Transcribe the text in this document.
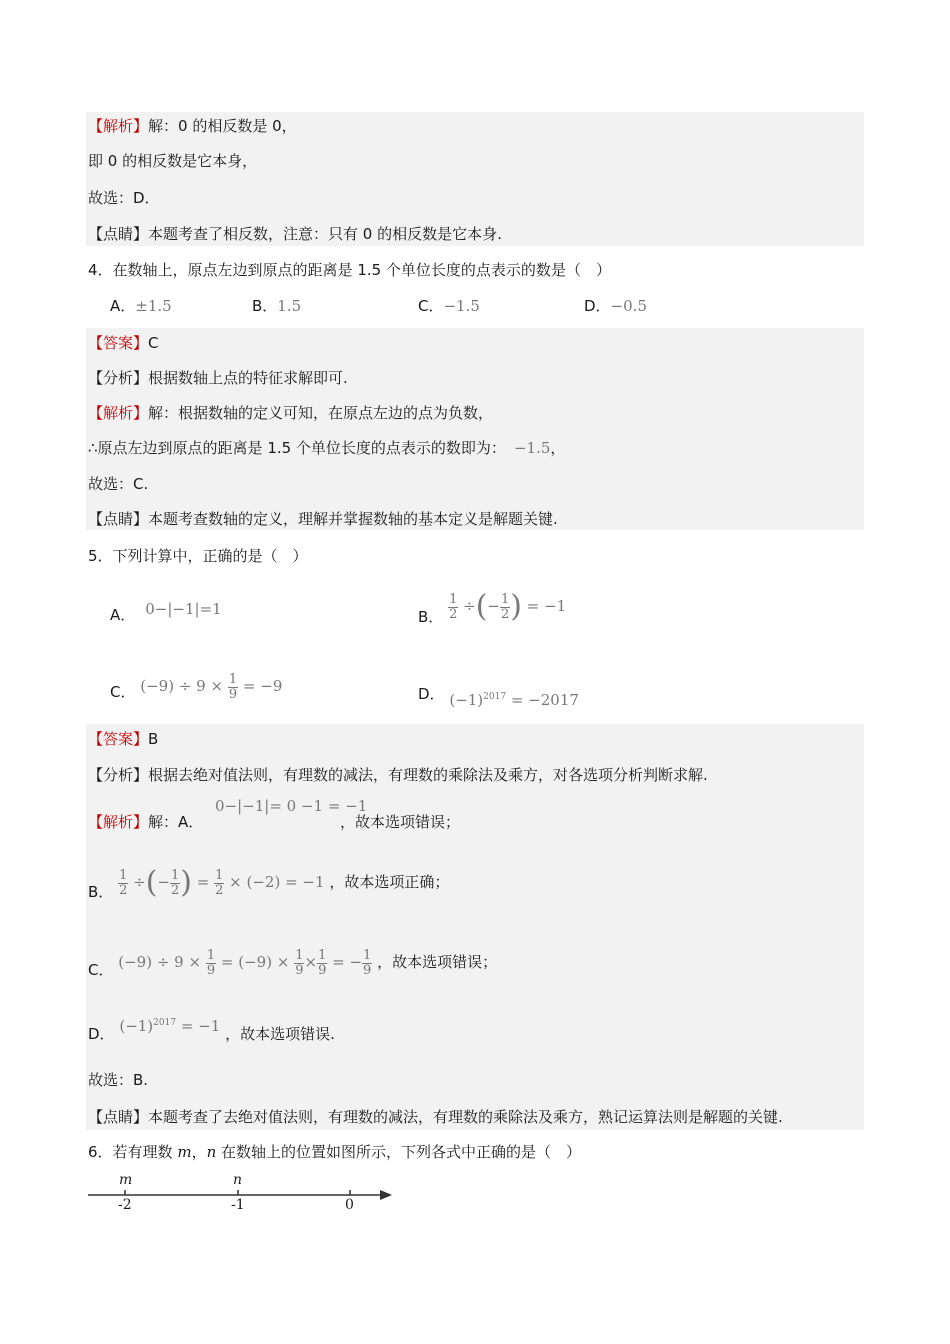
【解析】解：0 的相反数是 0，
即 0 的相反数是它本身，
故选：D．
【点睛】本题考查了相反数，注意：只有 0 的相反数是它本身.
4．在数轴上，原点左边到原点的距离是 1.5 个单位长度的点表示的数是（　）
A．±1.5	B．1.5	C．−1.5	D．−0.5
【答案】C
【分析】根据数轴上点的特征求解即可.
【解析】解：根据数轴的定义可知，在原点左边的点为负数，
∴原点左边到原点的距离是 1.5 个单位长度的点表示的数即为： −1.5，
故选：C.
【点睛】本题考查数轴的定义，理解并掌握数轴的基本定义是解题关键.
5．下列计算中，正确的是（　）
A． 0−|−1|=1	B． $\frac{1}{2}$ ÷(− $\frac{1}{2}$ ) = −1
C． $(-9) \div 9 \times \frac{1}{9} = -9$	D． $(-1)^{2017} = -2017$
【答案】B
【分析】根据去绝对值法则，有理数的减法，有理数的乘除法及乘方，对各选项分析判断求解.
【解析】解：A．
0−|−1|= 0 −1 = −1
，故本选项错误；
B． $\frac{1}{2}$ ÷(− $\frac{1}{2}$ ) = $\frac{1}{2} \times (-2) = -1$ ，故本选项正确；
C． $(-9) \div 9 \times \frac{1}{9} = (-9) \times \frac{1}{9} \times \frac{1}{9}$ = − $\frac{1}{9}$ ，故本选项错误；
D． $(-1)^{2017} = -1$ ，故本选项错误.
故选：B.
【点睛】本题考查了去绝对值法则，有理数的减法，有理数的乘除法及乘方，熟记运算法则是解题的关键.
6．若有理数 m，n 在数轴上的位置如图所示，下列各式中正确的是（　）
m	n
-2	-1	0
